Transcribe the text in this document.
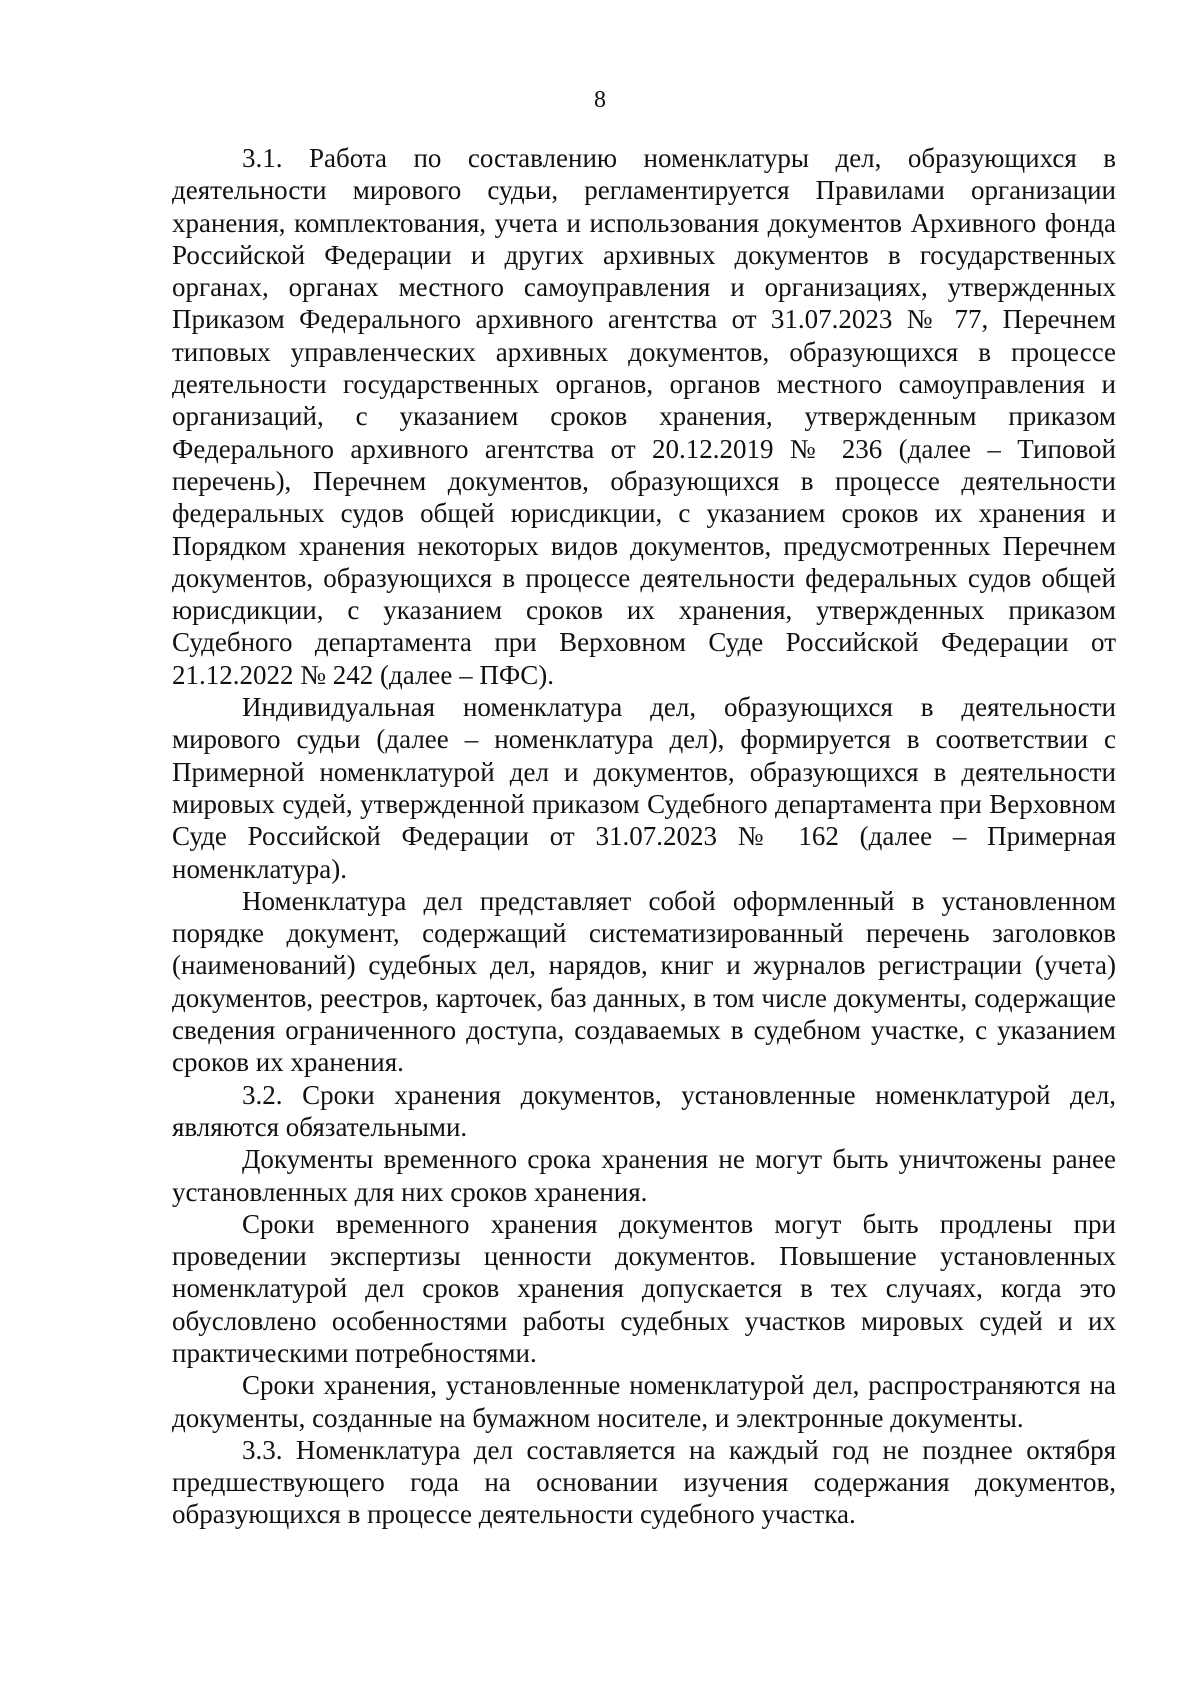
8

3.1. Работа по составлению номенклатуры дел, образующихся в деятельности мирового судьи, регламентируется Правилами организации хранения, комплектования, учета и использования документов Архивного фонда Российской Федерации и других архивных документов в государственных органах, органах местного самоуправления и организациях, утвержденных Приказом Федерального архивного агентства от 31.07.2023 № 77, Перечнем типовых управленческих архивных документов, образующихся в процессе деятельности государственных органов, органов местного самоуправления и организаций, с указанием сроков хранения, утвержденным приказом Федерального архивного агентства от 20.12.2019 № 236 (далее – Типовой перечень), Перечнем документов, образующихся в процессе деятельности федеральных судов общей юрисдикции, с указанием сроков их хранения и Порядком хранения некоторых видов документов, предусмотренных Перечнем документов, образующихся в процессе деятельности федеральных судов общей юрисдикции, с указанием сроков их хранения, утвержденных приказом Судебного департамента при Верховном Суде Российской Федерации от 21.12.2022 № 242 (далее – ПФС).

Индивидуальная номенклатура дел, образующихся в деятельности мирового судьи (далее – номенклатура дел), формируется в соответствии с Примерной номенклатурой дел и документов, образующихся в деятельности мировых судей, утвержденной приказом Судебного департамента при Верховном Суде Российской Федерации от 31.07.2023 № 162 (далее – Примерная номенклатура).

Номенклатура дел представляет собой оформленный в установленном порядке документ, содержащий систематизированный перечень заголовков (наименований) судебных дел, нарядов, книг и журналов регистрации (учета) документов, реестров, карточек, баз данных, в том числе документы, содержащие сведения ограниченного доступа, создаваемых в судебном участке, с указанием сроков их хранения.

3.2. Сроки хранения документов, установленные номенклатурой дел, являются обязательными.

Документы временного срока хранения не могут быть уничтожены ранее установленных для них сроков хранения.

Сроки временного хранения документов могут быть продлены при проведении экспертизы ценности документов. Повышение установленных номенклатурой дел сроков хранения допускается в тех случаях, когда это обусловлено особенностями работы судебных участков мировых судей и их практическими потребностями.

Сроки хранения, установленные номенклатурой дел, распространяются на документы, созданные на бумажном носителе, и электронные документы.

3.3. Номенклатура дел составляется на каждый год не позднее октября предшествующего года на основании изучения содержания документов, образующихся в процессе деятельности судебного участка.
